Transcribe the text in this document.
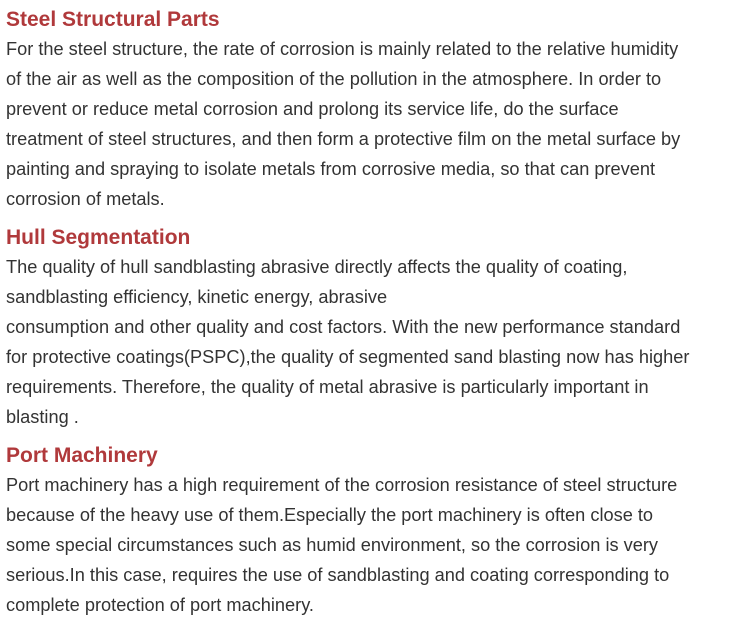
Steel Structural Parts
For the steel structure, the rate of corrosion is mainly related to the relative humidity
of the air as well as the composition of the pollution in the atmosphere. In order to
prevent or reduce metal corrosion and prolong its service life, do the surface
treatment of steel structures, and then form a protective film on the metal surface by
painting and spraying to isolate metals from corrosive media, so that can prevent
corrosion of metals.
Hull Segmentation
The quality of hull sandblasting abrasive directly affects the quality of coating,
sandblasting efficiency, kinetic energy, abrasive
consumption and other quality and cost factors. With the new performance standard
for protective coatings(PSPC),the quality of segmented sand blasting now has higher
requirements. Therefore, the quality of metal abrasive is particularly important in
blasting .
Port Machinery
Port machinery has a high requirement of the corrosion resistance of steel structure
because of the heavy use of them.Especially the port machinery is often close to
some special circumstances such as humid environment, so the corrosion is very
serious.In this case, requires the use of sandblasting and coating corresponding to
complete protection of port machinery.
